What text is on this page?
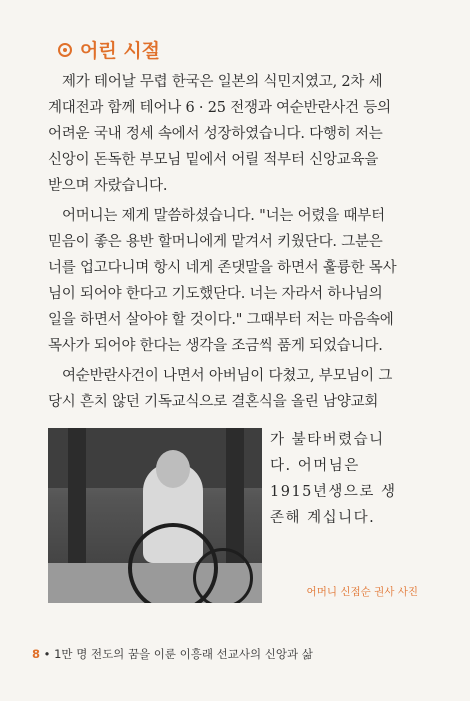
어린 시절
제가 테어날 무렵 한국은 일본의 식민지였고, 2차 세
계대전과 함께 테어나 6 · 25 전쟁과 여순반란사건 등의
어려운 국내 정세 속에서 성장하였습니다. 다행히 저는
신앙이 돈독한 부모님 밑에서 어릴 적부터 신앙교육을
받으며 자랐습니다.
어머니는 제게 말씀하셨습니다. "너는 어렸을 때부터
믿음이 좋은 용반 할머니에게 맡겨서 키웠단다. 그분은
너를 업고다니며 항시 네게 존댓말을 하면서 훌륭한 목사
님이 되어야 한다고 기도했단다. 너는 자라서 하나님의
일을 하면서 살아야 할 것이다." 그때부터 저는 마음속에
목사가 되어야 한다는 생각을 조금씩 품게 되었습니다.
여순반란사건이 나면서 아버님이 다쳤고, 부모님이 그
당시 흔치 않던 기독교식으로 결혼식을 올린 남양교회
가 불타버렸습니
다. 어머님은
1915년생으로 생
존해 계십니다.
어머니 신점순 권사 사진
8 • 1만 명 전도의 꿈을 이룬 이흥래 선교사의 신앙과 삶
